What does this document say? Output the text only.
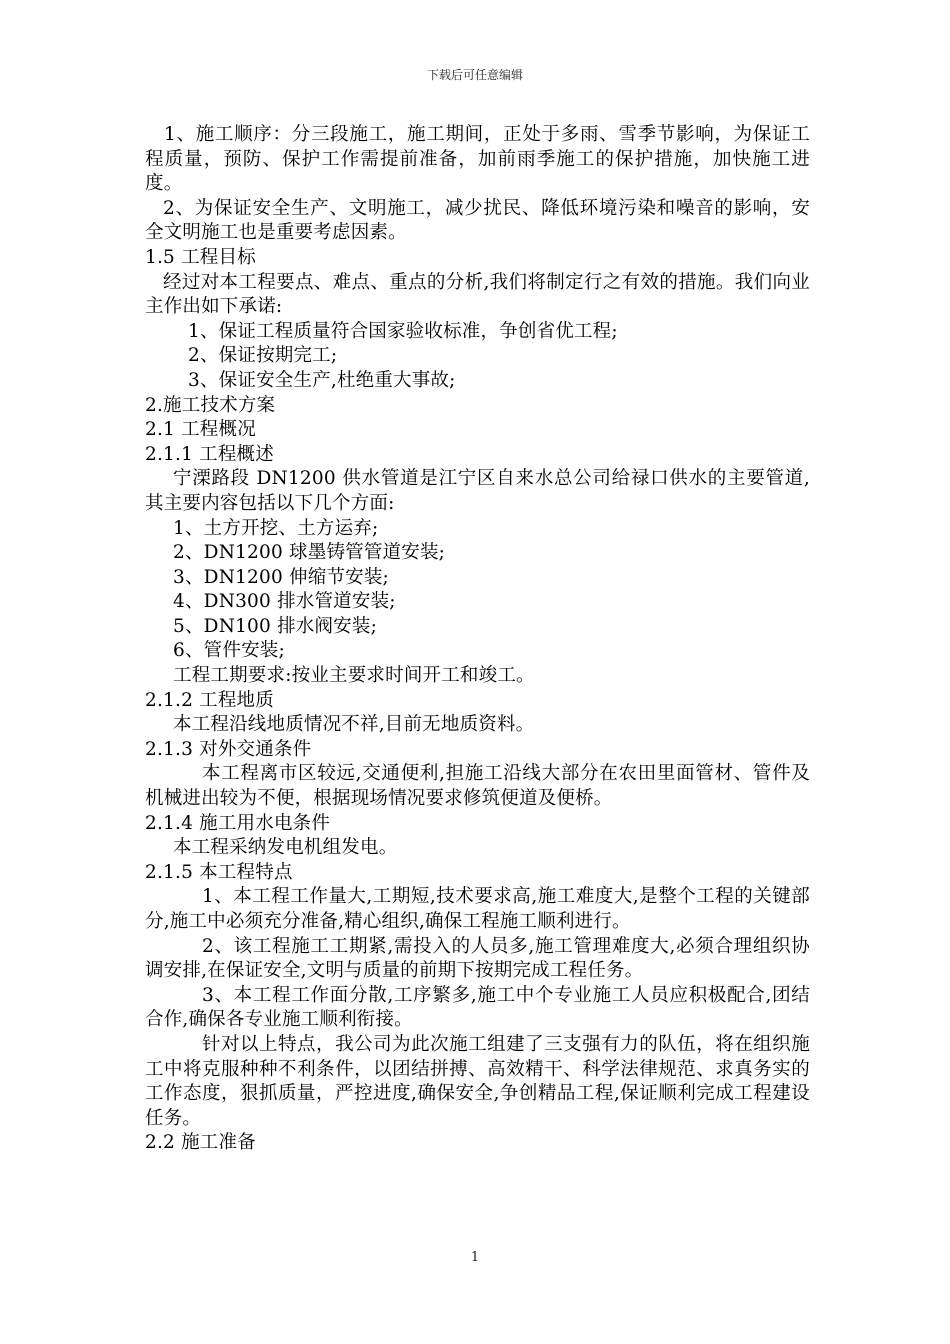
下载后可任意编辑

1、施工顺序：分三段施工，施工期间，正处于多雨、雪季节影响，为保证工程质量，预防、保护工作需提前准备，加前雨季施工的保护措施，加快施工进度。

2、为保证安全生产、文明施工，减少扰民、降低环境污染和噪音的影响，安全文明施工也是重要考虑因素。

1.5 工程目标

经过对本工程要点、难点、重点的分析,我们将制定行之有效的措施。我们向业主作出如下承诺:

1、保证工程质量符合国家验收标准，争创省优工程;

2、保证按期完工;

3、保证安全生产,杜绝重大事故;

2.施工技术方案

2.1 工程概况

2.1.1 工程概述

宁溧路段 DN1200 供水管道是江宁区自来水总公司给禄口供水的主要管道,其主要内容包括以下几个方面:

1、土方开挖、土方运弃;

2、DN1200 球墨铸管管道安装;

3、DN1200 伸缩节安装;

4、DN300 排水管道安装;

5、DN100 排水阀安装;

6、管件安装;

工程工期要求:按业主要求时间开工和竣工。

2.1.2 工程地质

本工程沿线地质情况不祥,目前无地质资料。

2.1.3 对外交通条件

本工程离市区较远,交通便利,担施工沿线大部分在农田里面管材、管件及机械进出较为不便，根据现场情况要求修筑便道及便桥。

2.1.4 施工用水电条件

本工程采纳发电机组发电。

2.1.5 本工程特点

1、本工程工作量大,工期短,技术要求高,施工难度大,是整个工程的关键部分,施工中必须充分准备,精心组织,确保工程施工顺利进行。

2、该工程施工工期紧,需投入的人员多,施工管理难度大,必须合理组织协调安排,在保证安全,文明与质量的前期下按期完成工程任务。

3、本工程工作面分散,工序繁多,施工中个专业施工人员应积极配合,团结合作,确保各专业施工顺利衔接。

针对以上特点，我公司为此次施工组建了三支强有力的队伍，将在组织施工中将克服种种不利条件，以团结拼搏、高效精干、科学法律规范、求真务实的工作态度，狠抓质量，严控进度,确保安全,争创精品工程,保证顺利完成工程建设任务。

2.2 施工准备

1
